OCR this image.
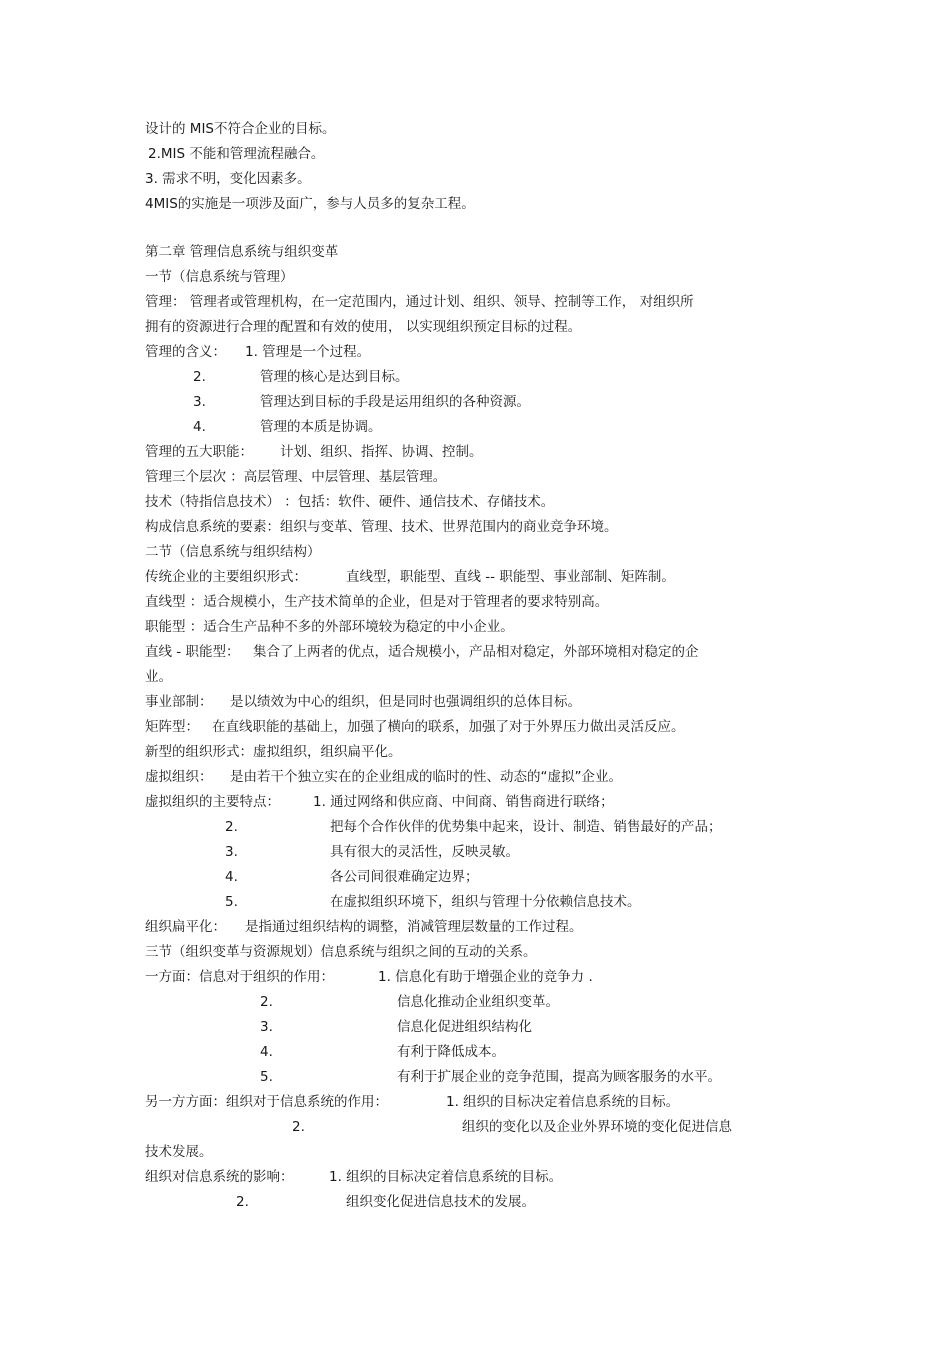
设计的 MIS不符合企业的目标。
2.MIS 不能和管理流程融合。
3. 需求不明，变化因素多。
4MIS的实施是一项涉及面广，参与人员多的复杂工程。
第二章 管理信息系统与组织变革
一节（信息系统与管理）
管理： 管理者或管理机构，在一定范围内，通过计划、组织、领导、控制等工作， 对组织所
拥有的资源进行合理的配置和有效的使用， 以实现组织预定目标的过程。
管理的含义： 1. 管理是一个过程。
2.	管理的核心是达到目标。
3.	管理达到目标的手段是运用组织的各种资源。
4.	管理的本质是协调。
管理的五大职能： 计划、组织、指挥、协调、控制。
管理三个层次 ：高层管理、中层管理、基层管理。
技术（特指信息技术） ：包括：软件、硬件、通信技术、存储技术。
构成信息系统的要素：组织与变革、管理、技术、世界范围内的商业竞争环境。
二节（信息系统与组织结构）
传统企业的主要组织形式：	直线型，职能型、直线 -- 职能型、事业部制、矩阵制。
直线型 ：适合规模小，生产技术简单的企业，但是对于管理者的要求特别高。
职能型 ：适合生产品种不多的外部环境较为稳定的中小企业。
直线 - 职能型： 集合了上两者的优点，适合规模小，产品相对稳定，外部环境相对稳定的企
业。
事业部制： 是以绩效为中心的组织，但是同时也强调组织的总体目标。
矩阵型： 在直线职能的基础上，加强了横向的联系，加强了对于外界压力做出灵活反应。
新型的组织形式：虚拟组织，组织扁平化。
虚拟组织： 是由若干个独立实在的企业组成的临时的性、动态的“虚拟”企业。
虚拟组织的主要特点： 1. 通过网络和供应商、中间商、销售商进行联络；
2.	把每个合作伙伴的优势集中起来，设计、制造、销售最好的产品；
3.	具有很大的灵活性，反映灵敏。
4.	各公司间很难确定边界；
5.	在虚拟组织环境下，组织与管理十分依赖信息技术。
组织扁平化： 是指通过组织结构的调整，消减管理层数量的工作过程。
三节（组织变革与资源规划）信息系统与组织之间的互动的关系。
一方面：信息对于组织的作用：	1. 信息化有助于增强企业的竞争力 .
2.	信息化推动企业组织变革。
3.	信息化促进组织结构化
4.	有利于降低成本。
5.	有利于扩展企业的竞争范围，提高为顾客服务的水平。
另一方方面：组织对于信息系统的作用：	1. 组织的目标决定着信息系统的目标。
2.	组织的变化以及企业外界环境的变化促进信息
技术发展。
组织对信息系统的影响：	1. 组织的目标决定着信息系统的目标。
2.	组织变化促进信息技术的发展。
